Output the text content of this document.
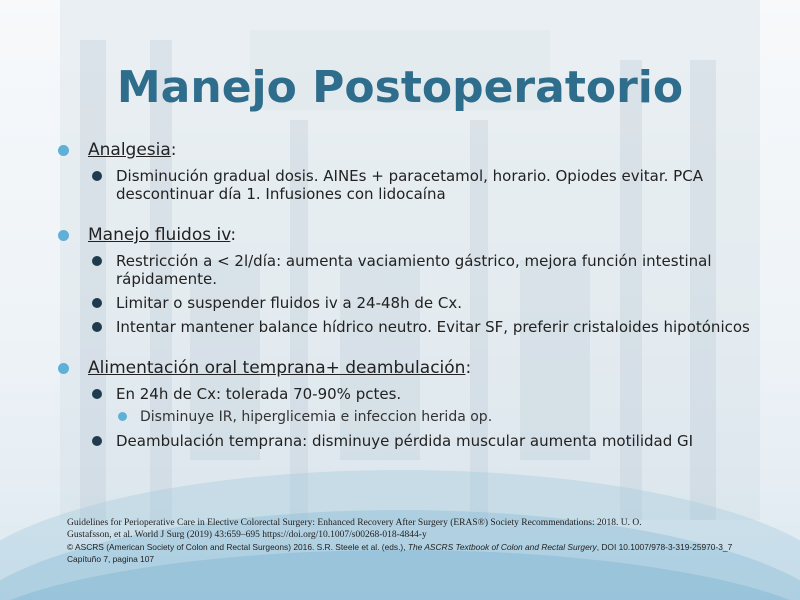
Manejo Postoperatorio
Analgesia:
Disminución gradual dosis. AINEs + paracetamol, horario. Opiodes evitar. PCA descontinuar día 1. Infusiones con lidocaína
Manejo fluidos iv:
Restricción a < 2l/día: aumenta vaciamiento gástrico, mejora función intestinal rápidamente.
Limitar o suspender fluidos iv a 24-48h de Cx.
Intentar mantener balance hídrico neutro. Evitar SF, preferir cristaloides hipotónicos
Alimentación oral temprana+ deambulación:
En 24h de Cx: tolerada 70-90% pctes.
Disminuye IR, hiperglicemia e infeccion herida op.
Deambulación temprana: disminuye pérdida muscular aumenta motilidad GI
Guidelines for Perioperative Care in Elective Colorectal Surgery: Enhanced Recovery After Surgery (ERAS®) Society Recommendations: 2018. U. O.
Gustafsson, et al. World J Surg (2019) 43:659–695 https://doi.org/10.1007/s00268-018-4844-y
© ASCRS (American Society of Colon and Rectal Surgeons) 2016. S.R. Steele et al. (eds.), The ASCRS Textbook of Colon and Rectal Surgery, DOI 10.1007/978-3-319-25970-3_7 Capítuño 7, pagina 107
